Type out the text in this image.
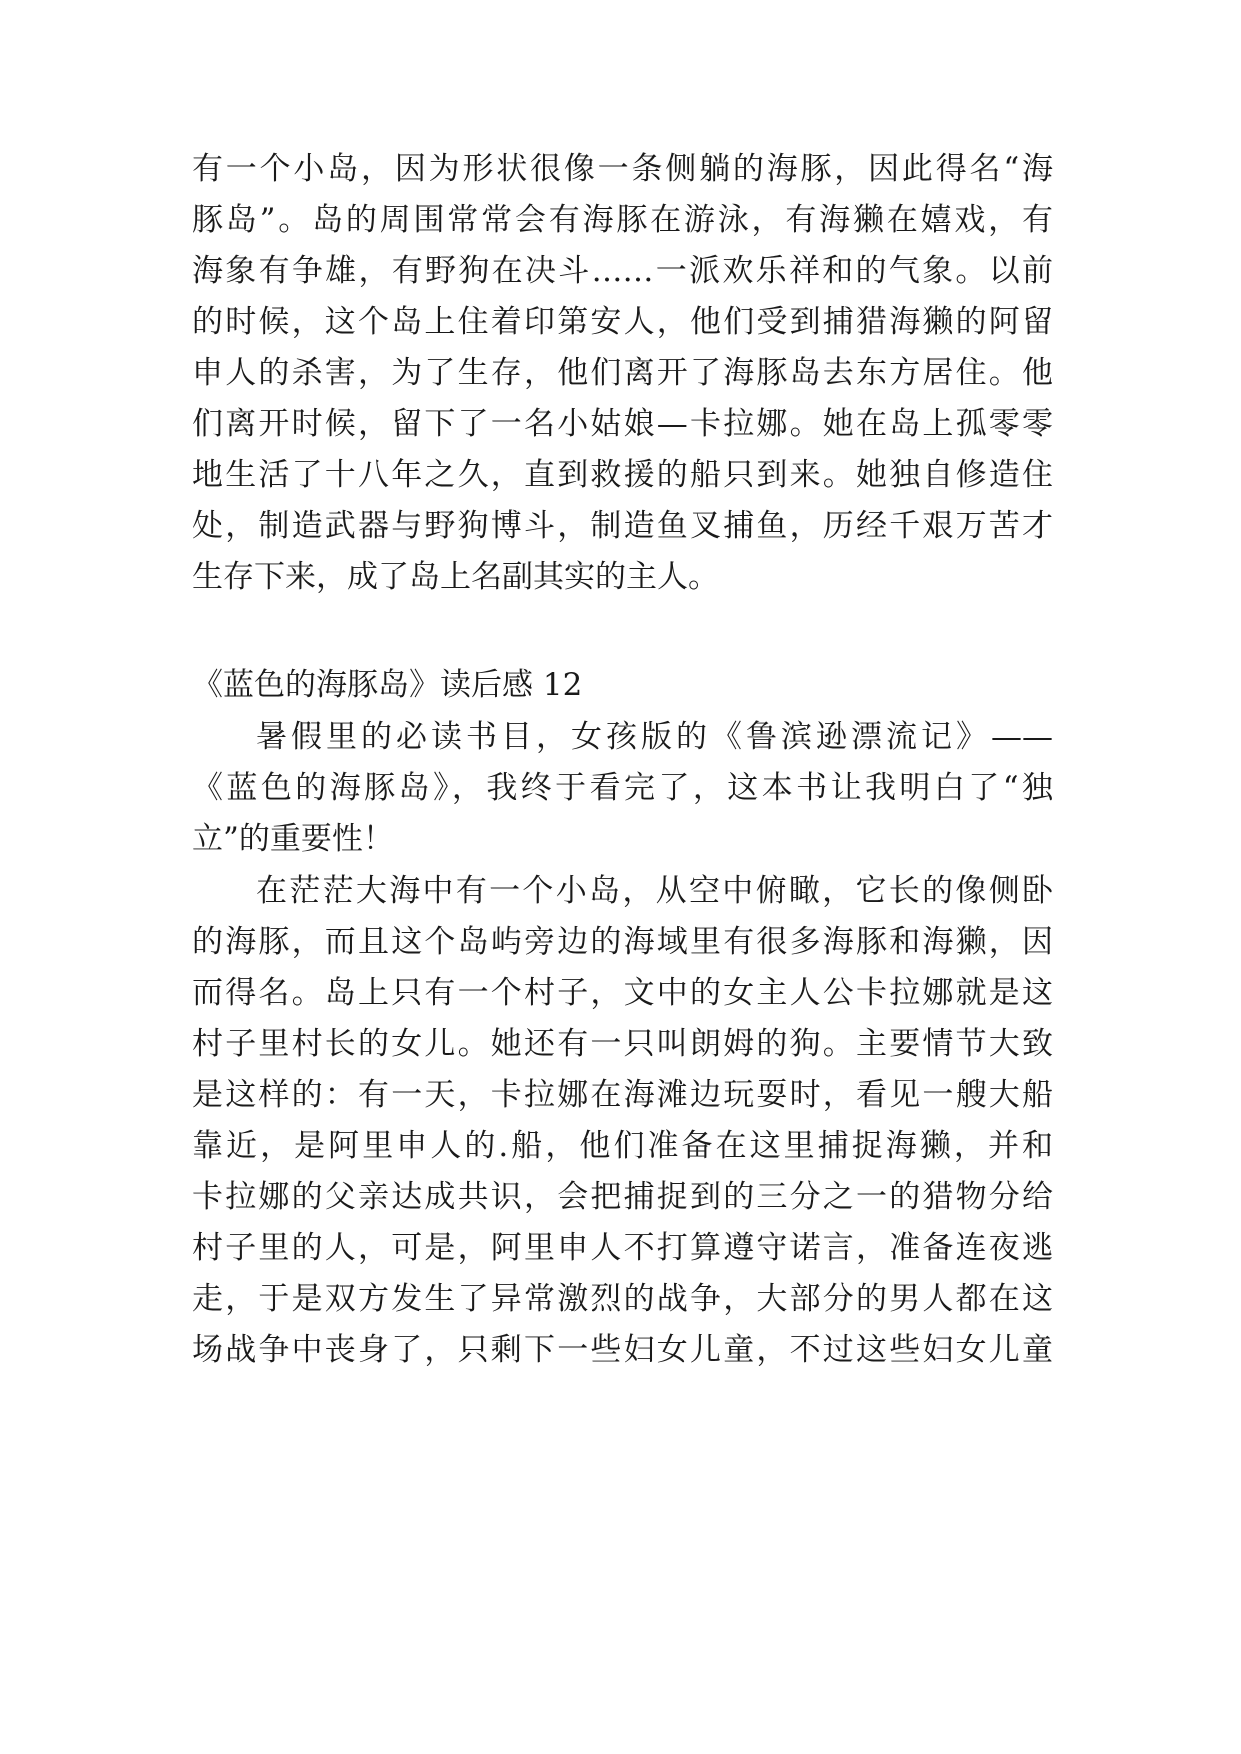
有一个小岛，因为形状很像一条侧躺的海豚，因此得名“海

豚岛”。岛的周围常常会有海豚在游泳，有海獭在嬉戏，有

海象有争雄，有野狗在决斗……一派欢乐祥和的气象。以前

的时候，这个岛上住着印第安人，他们受到捕猎海獭的阿留

申人的杀害，为了生存，他们离开了海豚岛去东方居住。他

们离开时候，留下了一名小姑娘—卡拉娜。她在岛上孤零零

地生活了十八年之久，直到救援的船只到来。她独自修造住

处，制造武器与野狗博斗，制造鱼叉捕鱼，历经千艰万苦才

生存下来，成了岛上名副其实的主人。

《蓝色的海豚岛》读后感 12

暑假里的必读书目，女孩版的《鲁滨逊漂流记》——

《蓝色的海豚岛》，我终于看完了，这本书让我明白了“独

立”的重要性！

在茫茫大海中有一个小岛，从空中俯瞰，它长的像侧卧

的海豚，而且这个岛屿旁边的海域里有很多海豚和海獭，因

而得名。岛上只有一个村子，文中的女主人公卡拉娜就是这

村子里村长的女儿。她还有一只叫朗姆的狗。主要情节大致

是这样的：有一天，卡拉娜在海滩边玩耍时，看见一艘大船

靠近，是阿里申人的.船，他们准备在这里捕捉海獭，并和

卡拉娜的父亲达成共识，会把捕捉到的三分之一的猎物分给

村子里的人，可是，阿里申人不打算遵守诺言，准备连夜逃

走，于是双方发生了异常激烈的战争，大部分的男人都在这

场战争中丧身了，只剩下一些妇女儿童，不过这些妇女儿童
